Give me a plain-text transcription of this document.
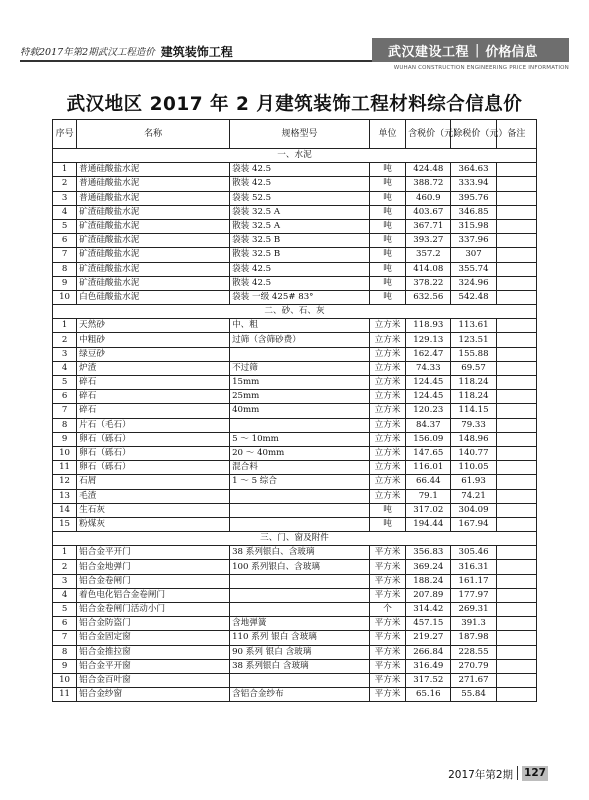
特载2017年第2期武汉工程造价 建筑装饰工程	武汉建设工程 | 价格信息
WUHAN CONSTRUCTION ENGINEERING PRICE INFORMATION
武汉地区 2017 年 2 月建筑装饰工程材料综合信息价
序号	名称	规格型号	单位	含税价（元）	除税价（元）	备注
一、水泥						
1	普通硅酸盐水泥	袋装 42.5	吨	424.48	364.63	
2	普通硅酸盐水泥	散装 42.5	吨	388.72	333.94	
3	普通硅酸盐水泥	袋装 52.5	吨	460.9	395.76	
4	矿渣硅酸盐水泥	袋装 32.5 A	吨	403.67	346.85	
5	矿渣硅酸盐水泥	散装 32.5 A	吨	367.71	315.98	
6	矿渣硅酸盐水泥	袋装 32.5 B	吨	393.27	337.96	
7	矿渣硅酸盐水泥	散装 32.5 B	吨	357.2	307	
8	矿渣硅酸盐水泥	袋装 42.5	吨	414.08	355.74	
9	矿渣硅酸盐水泥	散装 42.5	吨	378.22	324.96	
10	白色硅酸盐水泥	袋装 一级 425# 83°	吨	632.56	542.48	
二、砂、石、灰						
1	天然砂	中、粗	立方米	118.93	113.61	
2	中粗砂	过筛（含筛砂费）	立方米	129.13	123.51	
3	绿豆砂		立方米	162.47	155.88	
4	炉渣	不过筛	立方米	74.33	69.57	
5	碎石	15mm	立方米	124.45	118.24	
6	碎石	25mm	立方米	124.45	118.24	
7	碎石	40mm	立方米	120.23	114.15	
8	片石（毛石）		立方米	84.37	79.33	
9	卵石（砾石）	5 ～ 10mm	立方米	156.09	148.96	
10	卵石（砾石）	20 ～ 40mm	立方米	147.65	140.77	
11	卵石（砾石）	混合料	立方米	116.01	110.05	
12	石屑	1 ～ 5 综合	立方米	66.44	61.93	
13	毛渣		立方米	79.1	74.21	
14	生石灰		吨	317.02	304.09	
15	粉煤灰		吨	194.44	167.94	
三、门、窗及附件						
1	铝合金平开门	38 系列银白、含玻璃	平方米	356.83	305.46	
2	铝合金地弹门	100 系列银白、含玻璃	平方米	369.24	316.31	
3	铝合金卷闸门		平方米	188.24	161.17	
4	着色电化铝合金卷闸门		平方米	207.89	177.97	
5	铝合金卷闸门活动小门		个	314.42	269.31	
6	铝合金防盗门	含地弹簧	平方米	457.15	391.3	
7	铝合金固定窗	110 系列 银白 含玻璃	平方米	219.27	187.98	
8	铝合金推拉窗	90 系列 银白 含玻璃	平方米	266.84	228.55	
9	铝合金平开窗	38 系列银白 含玻璃	平方米	316.49	270.79	
10	铝合金百叶窗		平方米	317.52	271.67	
11	铝合金纱窗	含铝合金纱布	平方米	65.16	55.84	
2017年第2期 127
